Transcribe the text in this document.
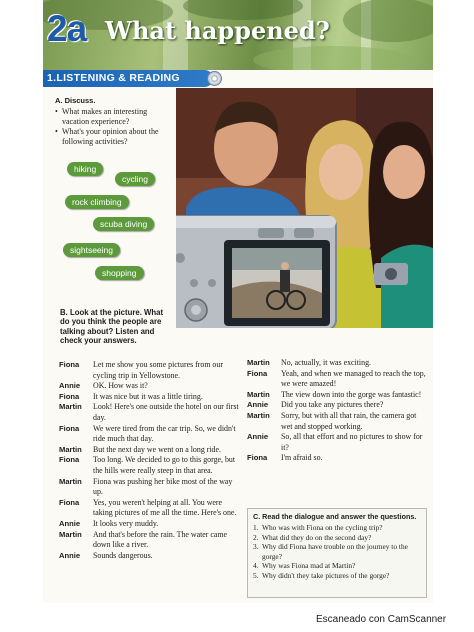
2a What happened?
1.LISTENING & READING
A. Discuss.
• What makes an interesting vacation experience?
• What's your opinion about the following activities?
hiking
cycling
rock climbing
scuba diving
sightseeing
shopping
B. Look at the picture. What do you think the people are talking about? Listen and check your answers.
Fiona	Let me show you some pictures from our cycling trip in Yellowstone.
Annie	OK. How was it?
Fiona	It was nice but it was a little tiring.
Martin	Look! Here's one outside the hotel on our first day.
Fiona	We were tired from the car trip. So, we didn't ride much that day.
Martin	But the next day we went on a long ride.
Fiona	Too long. We decided to go to this gorge, but the hills were really steep in that area.
Martin	Fiona was pushing her bike most of the way up.
Fiona	Yes, you weren't helping at all. You were taking pictures of me all the time. Here's one.
Annie	It looks very muddy.
Martin	And that's before the rain. The water came down like a river.
Annie	Sounds dangerous.
Martin	No, actually, it was exciting.
Fiona	Yeah, and when we managed to reach the top, we were amazed!
Martin	The view down into the gorge was fantastic!
Annie	Did you take any pictures there?
Martin	Sorry, but with all that rain, the camera got wet and stopped working.
Annie	So, all that effort and no pictures to show for it?
Fiona	I'm afraid so.
C. Read the dialogue and answer the questions.
1. Who was with Fiona on the cycling trip?
2. What did they do on the second day?
3. Why did Fiona have trouble on the journey to the gorge?
4. Why was Fiona mad at Martin?
5. Why didn't they take pictures of the gorge?
Escaneado con CamScanner
